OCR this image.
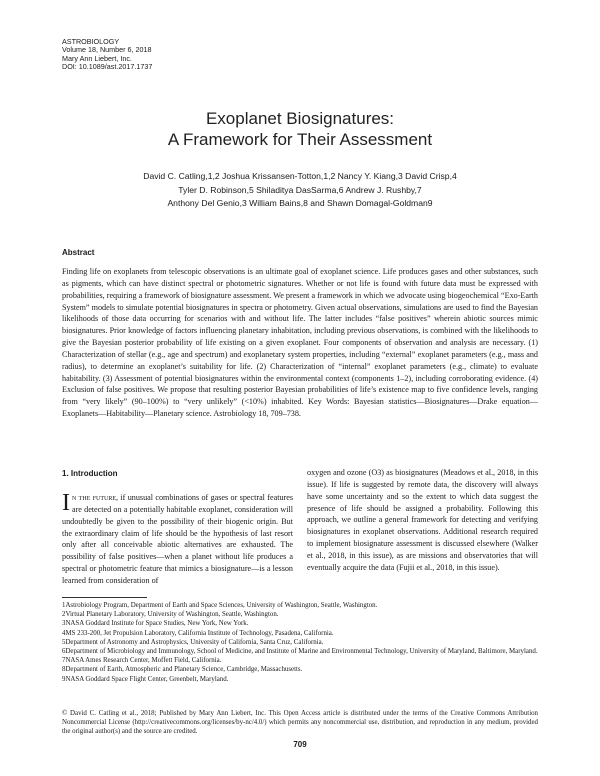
ASTROBIOLOGY
Volume 18, Number 6, 2018
Mary Ann Liebert, Inc.
DOI: 10.1089/ast.2017.1737
Exoplanet Biosignatures:
A Framework for Their Assessment
David C. Catling,1,2 Joshua Krissansen-Totton,1,2 Nancy Y. Kiang,3 David Crisp,4
Tyler D. Robinson,5 Shiladitya DasSarma,6 Andrew J. Rushby,7
Anthony Del Genio,3 William Bains,8 and Shawn Domagal-Goldman9
Abstract
Finding life on exoplanets from telescopic observations is an ultimate goal of exoplanet science. Life produces gases and other substances, such as pigments, which can have distinct spectral or photometric signatures. Whether or not life is found with future data must be expressed with probabilities, requiring a framework of biosignature assessment. We present a framework in which we advocate using biogeochemical “Exo-Earth System” models to simulate potential biosignatures in spectra or photometry. Given actual observations, simulations are used to find the Bayesian likelihoods of those data occurring for scenarios with and without life. The latter includes “false positives” wherein abiotic sources mimic biosignatures. Prior knowledge of factors influencing planetary inhabitation, including previous observations, is combined with the likelihoods to give the Bayesian posterior probability of life existing on a given exoplanet. Four components of observation and analysis are necessary. (1) Characterization of stellar (e.g., age and spectrum) and exoplanetary system properties, including “external” exoplanet parameters (e.g., mass and radius), to determine an exoplanet’s suitability for life. (2) Characterization of “internal” exoplanet parameters (e.g., climate) to evaluate habitability. (3) Assessment of potential biosignatures within the environmental context (components 1–2), including corroborating evidence. (4) Exclusion of false positives. We propose that resulting posterior Bayesian probabilities of life’s existence map to five confidence levels, ranging from “very likely” (90–100%) to “very unlikely” (<10%) inhabited. Key Words: Bayesian statistics—Biosignatures—Drake equation—Exoplanets—Habitability—Planetary science. Astrobiology 18, 709–738.
1. Introduction
In the future, if unusual combinations of gases or spectral features are detected on a potentially habitable exoplanet, consideration will undoubtedly be given to the possibility of their biogenic origin. But the extraordinary claim of life should be the hypothesis of last resort only after all conceivable abiotic alternatives are exhausted. The possibility of false positives—when a planet without life produces a spectral or photometric feature that mimics a biosignature—is a lesson learned from consideration of
oxygen and ozone (O3) as biosignatures (Meadows et al., 2018, in this issue). If life is suggested by remote data, the discovery will always have some uncertainty and so the extent to which data suggest the presence of life should be assigned a probability. Following this approach, we outline a general framework for detecting and verifying biosignatures in exoplanet observations. Additional research required to implement biosignature assessment is discussed elsewhere (Walker et al., 2018, in this issue), as are missions and observatories that will eventually acquire the data (Fujii et al., 2018, in this issue).

1Astrobiology Program, Department of Earth and Space Sciences, University of Washington, Seattle, Washington.

2Virtual Planetary Laboratory, University of Washington, Seattle, Washington.

3NASA Goddard Institute for Space Studies, New York, New York.

4MS 233-200, Jet Propulsion Laboratory, California Institute of Technology, Pasadena, California.

5Department of Astronomy and Astrophysics, University of California, Santa Cruz, California.

6Department of Microbiology and Immunology, School of Medicine, and Institute of Marine and Environmental Technology, University of Maryland, Baltimore, Maryland.

7NASA Ames Research Center, Moffett Field, California.

8Department of Earth, Atmospheric and Planetary Science, Cambridge, Massachusetts.

9NASA Goddard Space Flight Center, Greenbelt, Maryland.

© David C. Catling et al., 2018; Published by Mary Ann Liebert, Inc. This Open Access article is distributed under the terms of the Creative Commons Attribution Noncommercial License (http://creativecommons.org/licenses/by-nc/4.0/) which permits any noncommercial use, distribution, and reproduction in any medium, provided the original author(s) and the source are credited.
709
